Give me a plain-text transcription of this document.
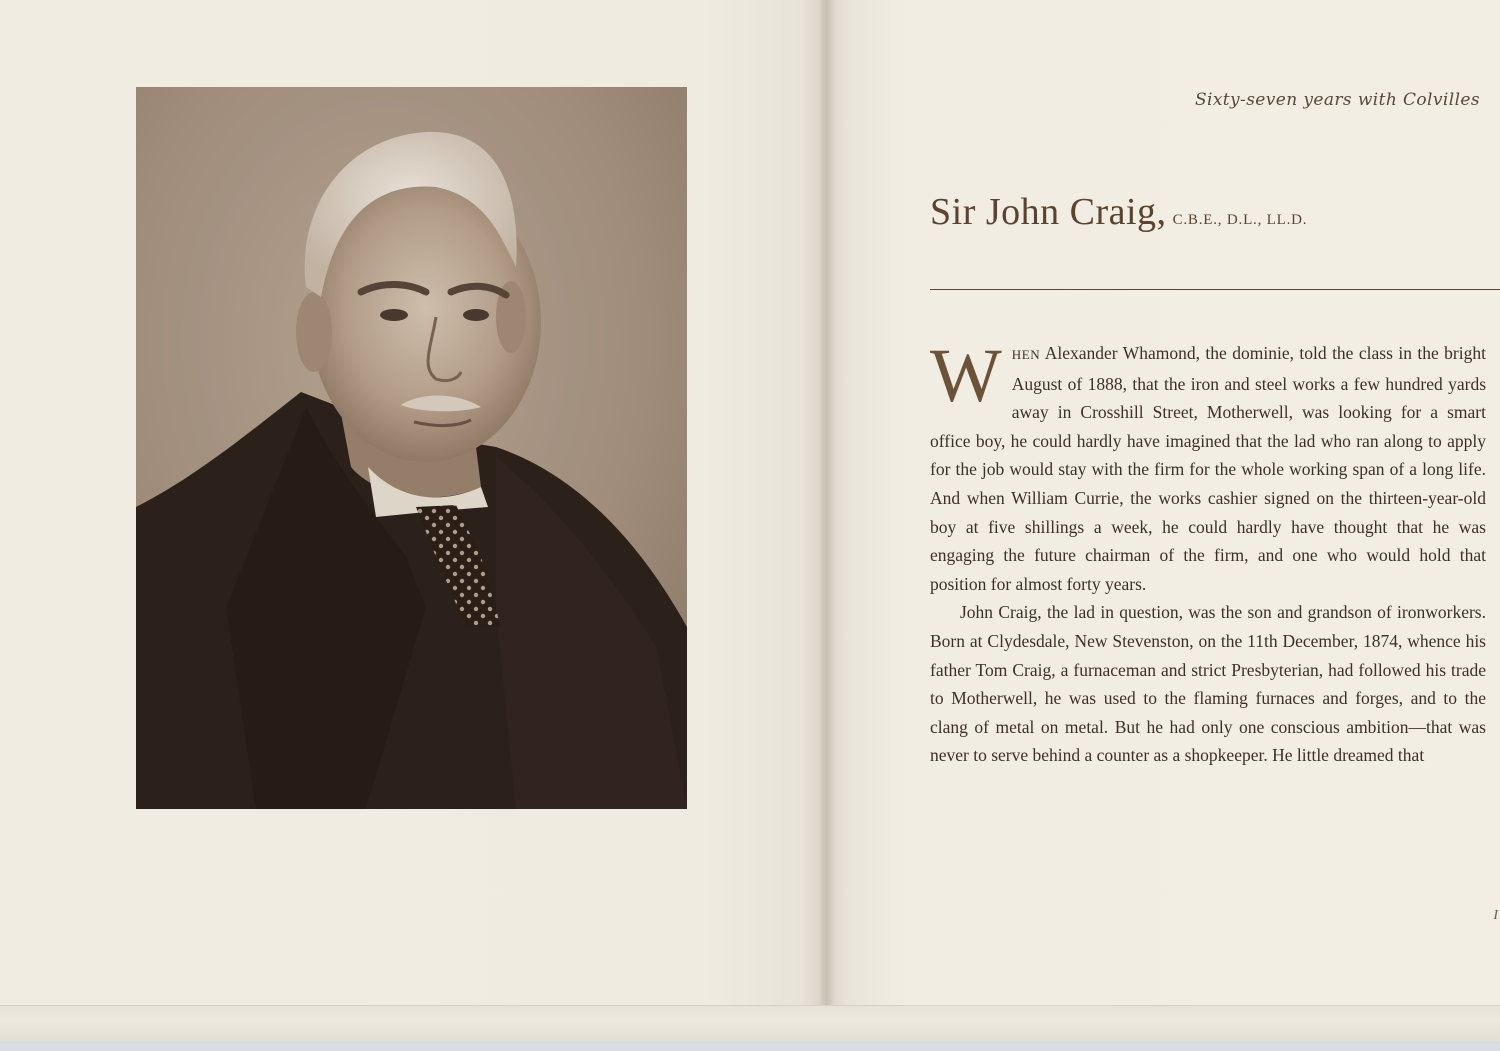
Sixty-seven years with Colvilles
Sir John Craig, C.B.E., D.L., LL.D.

WHEN Alexander Whamond, the dominie, told the class in the bright August of 1888, that the iron and steel works a few hundred yards away in Crosshill Street, Motherwell, was looking for a smart office boy, he could hardly have imagined that the lad who ran along to apply for the job would stay with the firm for the whole working span of a long life. And when William Currie, the works cashier signed on the thirteen-year-old boy at five shillings a week, he could hardly have thought that he was engaging the future chairman of the firm, and one who would hold that position for almost forty years.

John Craig, the lad in question, was the son and grandson of ironworkers. Born at Clydesdale, New Stevenston, on the 11th December, 1874, whence his father Tom Craig, a furnaceman and strict Presbyterian, had followed his trade to Motherwell, he was used to the flaming furnaces and forges, and to the clang of metal on metal. But he had only one conscious ambition—that was never to serve behind a counter as a shopkeeper. He little dreamed that

I
